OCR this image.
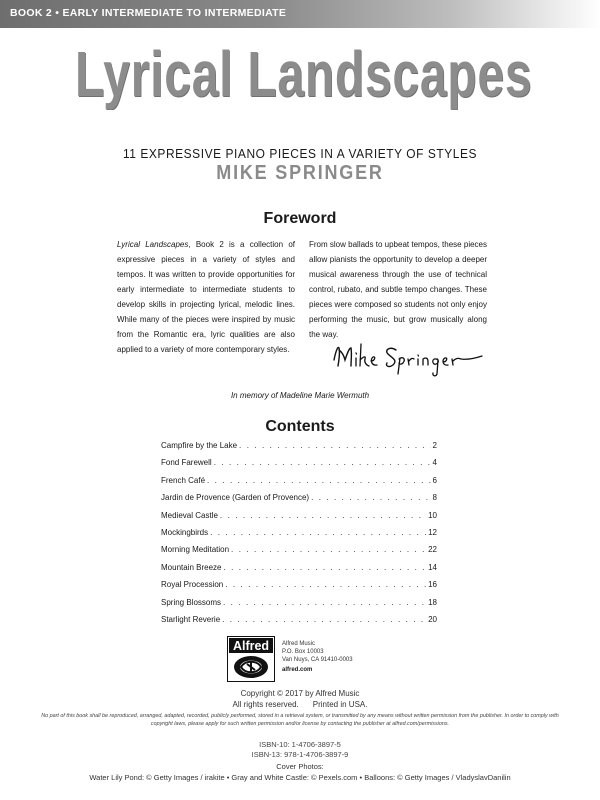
BOOK 2 • EARLY INTERMEDIATE TO INTERMEDIATE
Lyrical Landscapes
11 EXPRESSIVE PIANO PIECES IN A VARIETY OF STYLES
MIKE SPRINGER
Foreword
Lyrical Landscapes, Book 2 is a collection of expressive pieces in a variety of styles and tempos. It was written to provide opportunities for early intermediate to intermediate students to develop skills in projecting lyrical, melodic lines. While many of the pieces were inspired by music from the Romantic era, lyric qualities are also applied to a variety of more contemporary styles.
From slow ballads to upbeat tempos, these pieces allow pianists the opportunity to develop a deeper musical awareness through the use of technical control, rubato, and subtle tempo changes. These pieces were composed so students not only enjoy performing the music, but grow musically along the way.
In memory of Madeline Marie Wermuth
Contents
Campfire by the Lake . . .	2
Fond Farewell . . .	4
French Café . . .	6
Jardin de Provence (Garden of Provence) . . .	8
Medieval Castle . . .	10
Mockingbirds . . .	12
Morning Meditation . . .	22
Mountain Breeze . . .	14
Royal Procession . . .	16
Spring Blossoms . . .	18
Starlight Reverie . . .	20
Alfred Alfred Music
P.O. Box 10003
Van Nuys, CA 91410-0003
alfred.com
Copyright © 2017 by Alfred Music
All rights reserved. Printed in USA.
No part of this book shall be reproduced, arranged, adapted, recorded, publicly performed, stored in a retrieval system, or transmitted by any means without written permission from the publisher. In order to comply with copyright laws, please apply for such written permission and/or license by contacting the publisher at alfred.com/permissions.
ISBN-10: 1-4706-3897-5
ISBN-13: 978-1-4706-3897-9
Cover Photos:
Water Lily Pond: © Getty Images / irakite • Gray and White Castle: © Pexels.com • Balloons: © Getty Images / VladyslavDanilin
